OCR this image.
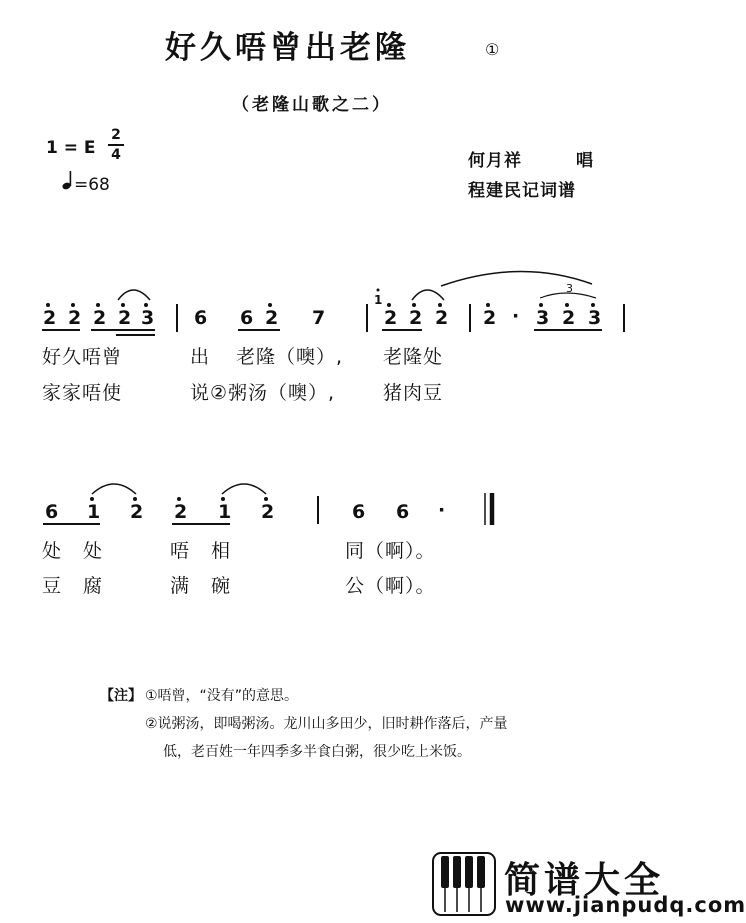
好久唔曾出老隆	①
（老隆山歌之二）
1 = E
2
4
=68
何月祥	唱
程建民记词谱
2 2 2 2 3 6 6 2 7
1
2 2 2 2 · 3 2 3
3
6 1 2 2 1 2	6 6 ·
好久唔曾	出 老隆（噢）, 老隆处
家家唔使	说②粥汤（噢）,	猪肉豆
处 处	唔 相	同（啊）。
豆 腐	满 碗	公（啊）。
【注】 ①唔曾，“没有”的意思。
②说粥汤，即喝粥汤。龙川山多田少，旧时耕作落后，产量
低，老百姓一年四季多半食白粥，很少吃上米饭。
简谱大全
www.jianpudq.com
